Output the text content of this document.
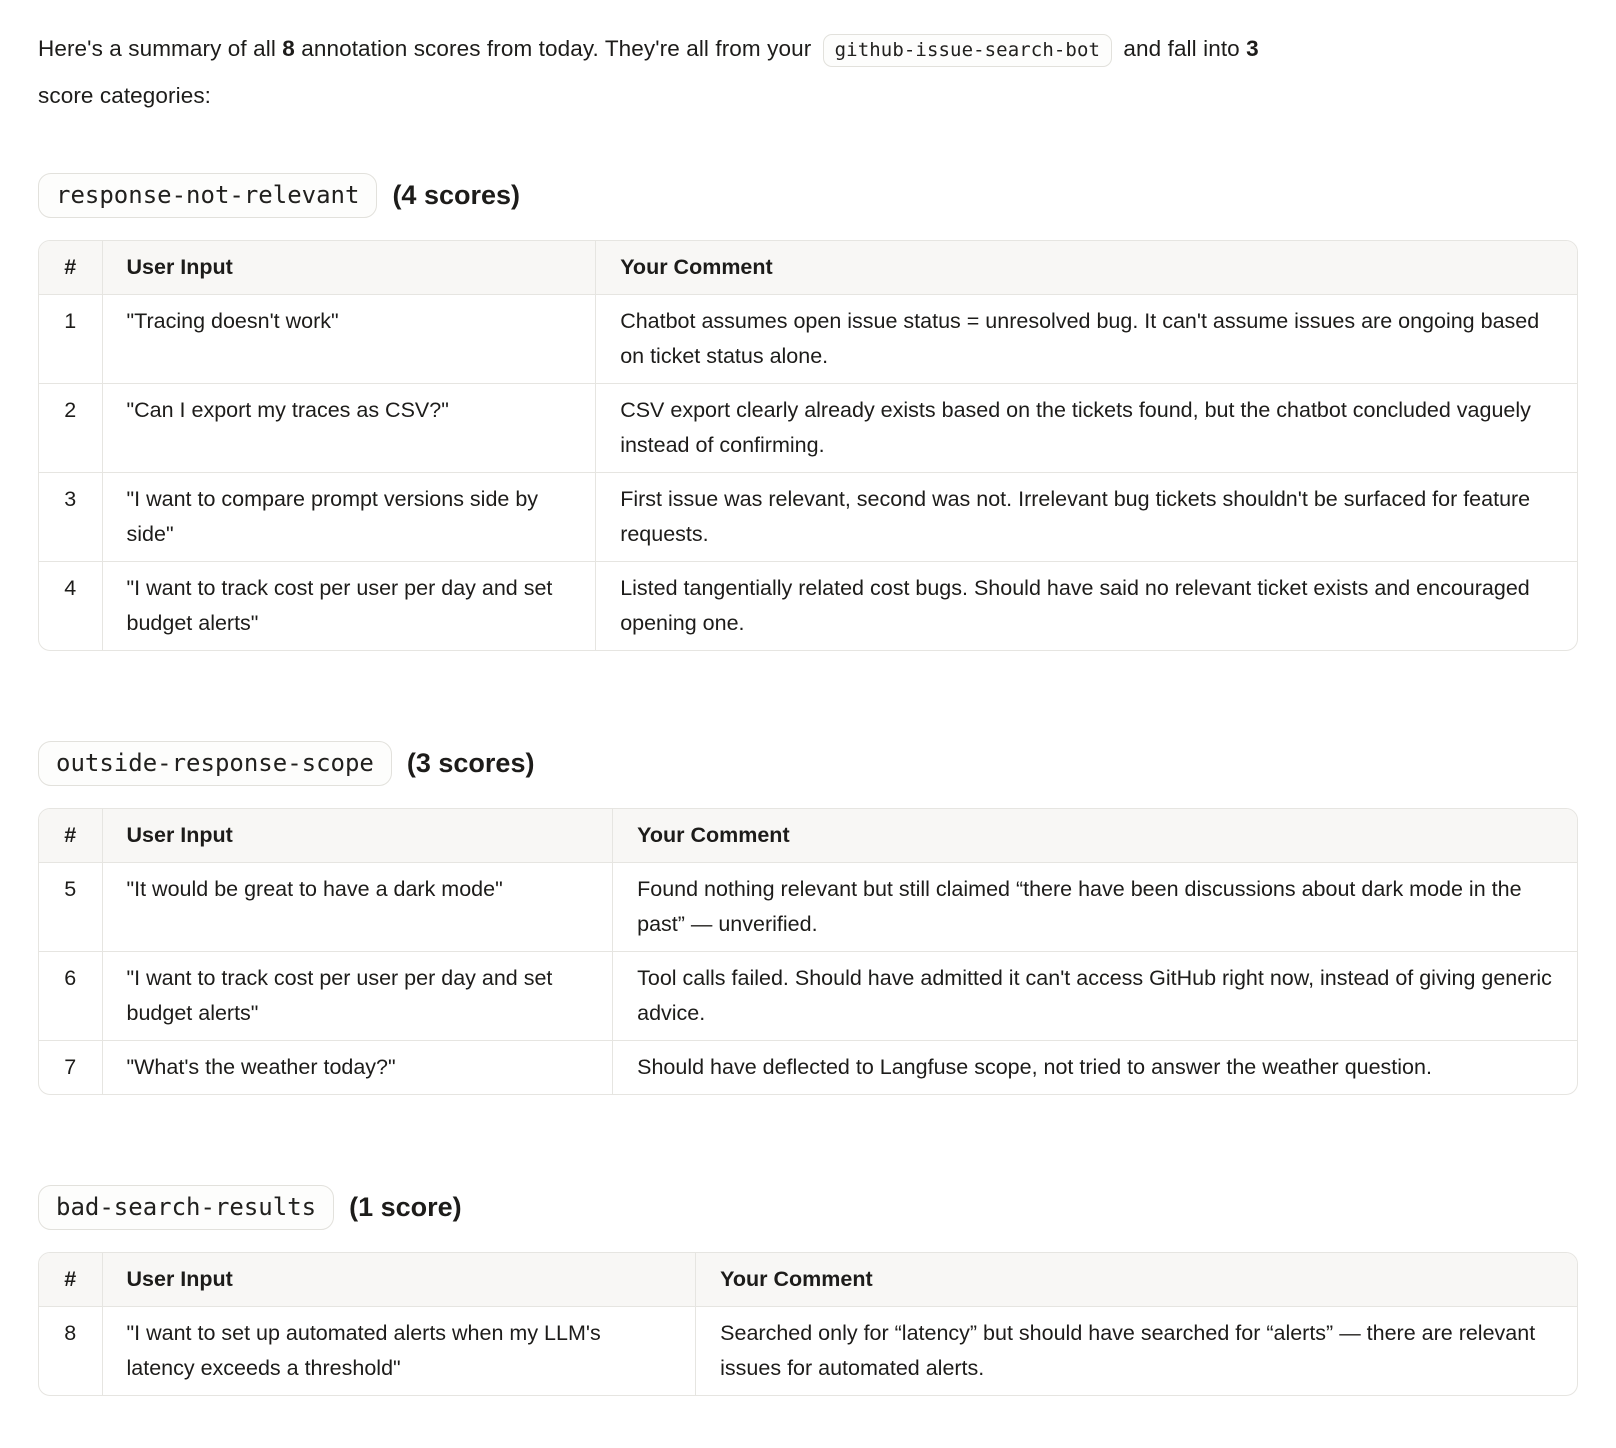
Here's a summary of all 8 annotation scores from today. They're all from your github-issue-search-bot and fall into 3
score categories:

response-not-relevant	(4 scores)
#	User Input	Your Comment
1	"Tracing doesn't work"	Chatbot assumes open issue status = unresolved bug. It can't assume issues are ongoing based on ticket status alone.
2	"Can I export my traces as CSV?"	CSV export clearly already exists based on the tickets found, but the chatbot concluded vaguely instead of confirming.
3	"I want to compare prompt versions side by side"	First issue was relevant, second was not. Irrelevant bug tickets shouldn't be surfaced for feature requests.
4	"I want to track cost per user per day and set budget alerts"	Listed tangentially related cost bugs. Should have said no relevant ticket exists and encouraged opening one.
outside-response-scope	(3 scores)
#	User Input	Your Comment
5	"It would be great to have a dark mode"	Found nothing relevant but still claimed “there have been discussions about dark mode in the past” — unverified.
6	"I want to track cost per user per day and set budget alerts"	Tool calls failed. Should have admitted it can't access GitHub right now, instead of giving generic advice.
7	"What's the weather today?"	Should have deflected to Langfuse scope, not tried to answer the weather question.
bad-search-results	(1 score)
#	User Input	Your Comment
8	"I want to set up automated alerts when my LLM's latency exceeds a threshold"	Searched only for “latency” but should have searched for “alerts” — there are relevant issues for automated alerts.
